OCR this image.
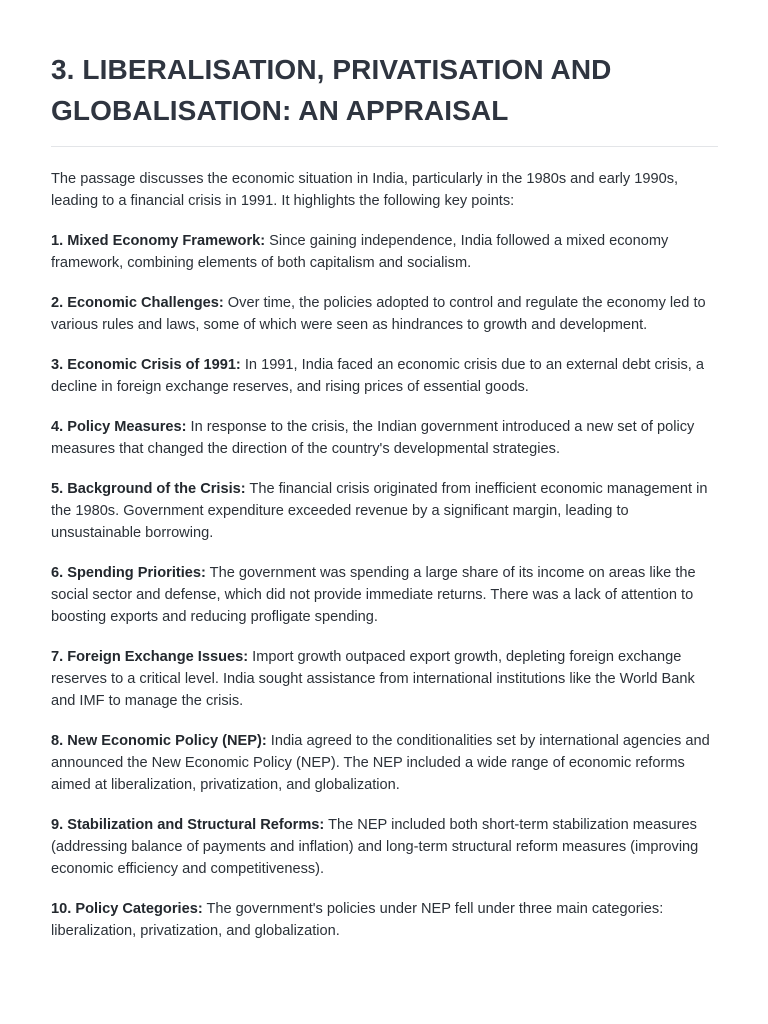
3. LIBERALISATION, PRIVATISATION AND GLOBALISATION: AN APPRAISAL

The passage discusses the economic situation in India, particularly in the 1980s and early 1990s, leading to a financial crisis in 1991. It highlights the following key points:

1. Mixed Economy Framework: Since gaining independence, India followed a mixed economy framework, combining elements of both capitalism and socialism.

2. Economic Challenges: Over time, the policies adopted to control and regulate the economy led to various rules and laws, some of which were seen as hindrances to growth and development.

3. Economic Crisis of 1991: In 1991, India faced an economic crisis due to an external debt crisis, a decline in foreign exchange reserves, and rising prices of essential goods.

4. Policy Measures: In response to the crisis, the Indian government introduced a new set of policy measures that changed the direction of the country's developmental strategies.

5. Background of the Crisis: The financial crisis originated from inefficient economic management in the 1980s. Government expenditure exceeded revenue by a significant margin, leading to unsustainable borrowing.

6. Spending Priorities: The government was spending a large share of its income on areas like the social sector and defense, which did not provide immediate returns. There was a lack of attention to boosting exports and reducing profligate spending.

7. Foreign Exchange Issues: Import growth outpaced export growth, depleting foreign exchange reserves to a critical level. India sought assistance from international institutions like the World Bank and IMF to manage the crisis.

8. New Economic Policy (NEP): India agreed to the conditionalities set by international agencies and announced the New Economic Policy (NEP). The NEP included a wide range of economic reforms aimed at liberalization, privatization, and globalization.

9. Stabilization and Structural Reforms: The NEP included both short-term stabilization measures (addressing balance of payments and inflation) and long-term structural reform measures (improving economic efficiency and competitiveness).

10. Policy Categories: The government's policies under NEP fell under three main categories: liberalization, privatization, and globalization.
